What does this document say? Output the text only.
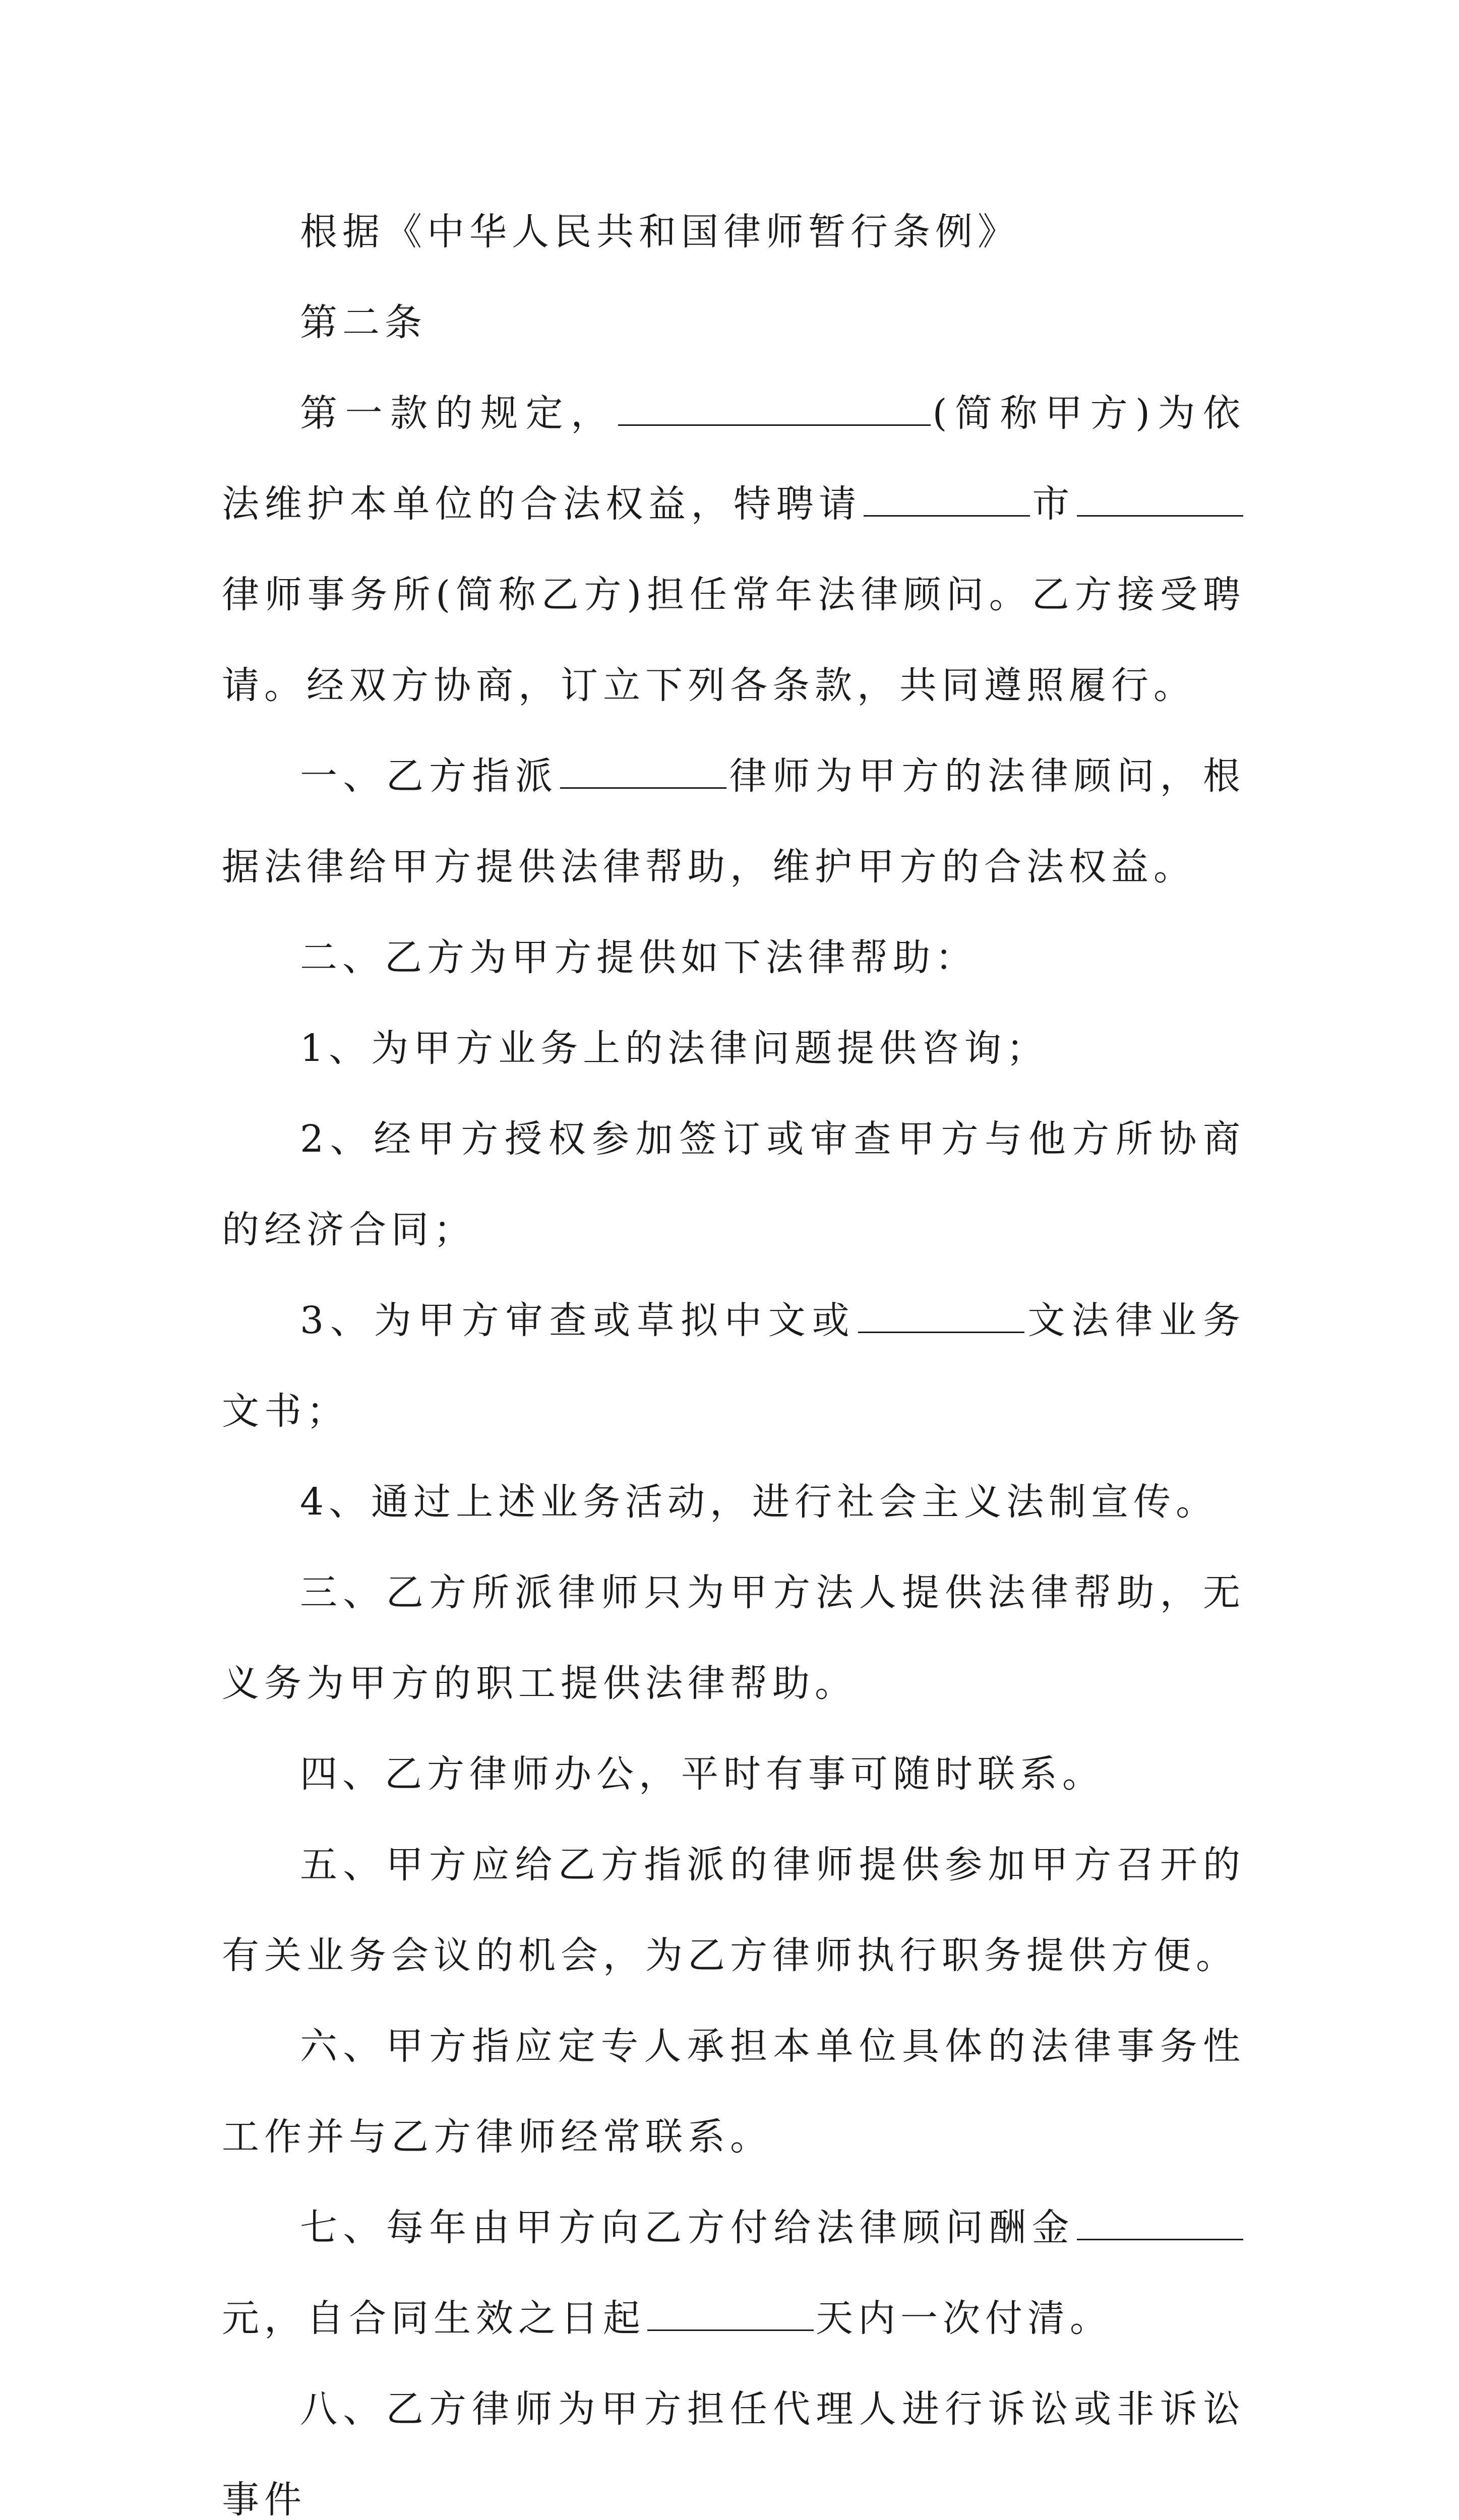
根据《中华人民共和国律师暂行条例》

第二条

第一款的规定，	(简称甲方)为依法维护本单位的合法权益，特聘请	市律师事务所(简称乙方)担任常年法律顾问。乙方接受聘请。经双方协商，订立下列各条款，共同遵照履行。

一、乙方指派	律师为甲方的法律顾问，根据法律给甲方提供法律帮助，维护甲方的合法权益。

二、乙方为甲方提供如下法律帮助：

1、为甲方业务上的法律问题提供咨询；

2、经甲方授权参加签订或审查甲方与他方所协商的经济合同；

3、为甲方审查或草拟中文或	文法律业务文书；

4、通过上述业务活动，进行社会主义法制宣传。

三、乙方所派律师只为甲方法人提供法律帮助，无义务为甲方的职工提供法律帮助。

四、乙方律师办公，平时有事可随时联系。

五、甲方应给乙方指派的律师提供参加甲方召开的有关业务会议的机会，为乙方律师执行职务提供方便。

六、甲方指应定专人承担本单位具体的法律事务性工作并与乙方律师经常联系。

七、每年由甲方向乙方付给法律顾问酬金元，自合同生效之日起	天内一次付清。

八、乙方律师为甲方担任代理人进行诉讼或非诉讼事件
